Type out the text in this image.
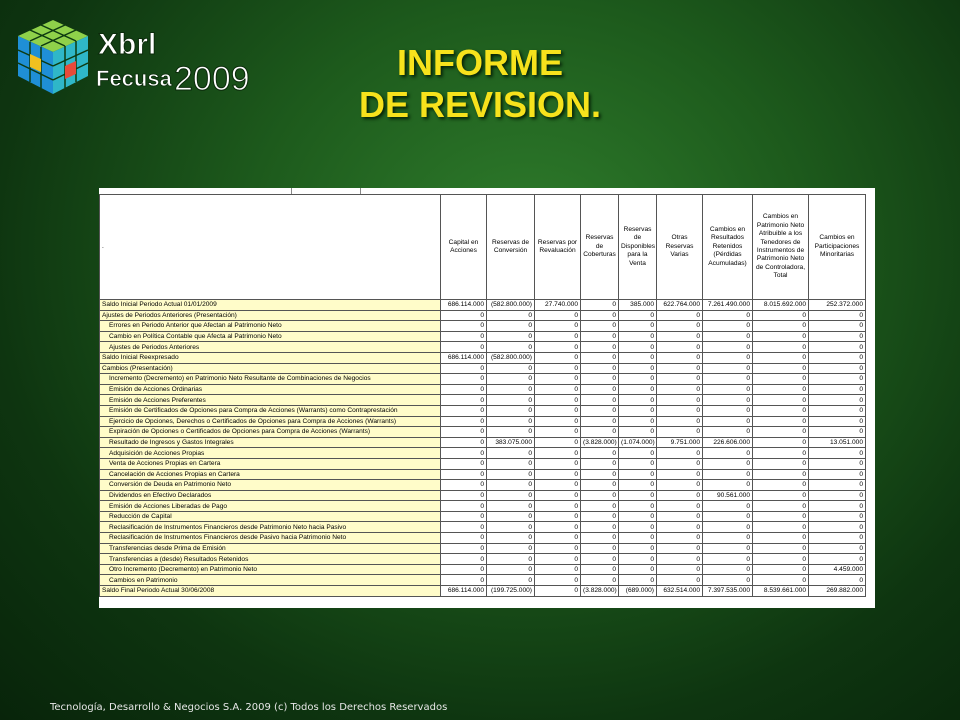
Xbrl
Fecusa 2009	INFORME
DE REVISION.
.	Capital en Acciones	Reservas de Conversión	Reservas por Revaluación	Reservas de Coberturas	Reservas de Disponibles para la Venta	Otras Reservas Varias	Cambios en Resultados Retenidos (Pérdidas Acumuladas)	Cambios en Patrimonio Neto Atribuible a los Tenedores de Instrumentos de Patrimonio Neto de Controladora, Total	Cambios en Participaciones Minoritarias
Saldo Inicial Periodo Actual 01/01/2009	686.114.000	(582.800.000)	27.740.000	0	385.000	622.764.000	7.261.490.000	8.015.692.000	252.372.000
Ajustes de Periodos Anteriores (Presentación)	0	0	0	0	0	0	0	0	0
Errores en Periodo Anterior que Afectan al Patrimonio Neto	0	0	0	0	0	0	0	0	0
Cambio en Política Contable que Afecta al Patrimonio Neto	0	0	0	0	0	0	0	0	0
Ajustes de Periodos Anteriores	0	0	0	0	0	0	0	0	0
Saldo Inicial Reexpresado	686.114.000	(582.800.000)	0	0	0	0	0	0	0
Cambios (Presentación)	0	0	0	0	0	0	0	0	0
Incremento (Decremento) en Patrimonio Neto Resultante de Combinaciones de Negocios	0	0	0	0	0	0	0	0	0
Emisión de Acciones Ordinarias	0	0	0	0	0	0	0	0	0
Emisión de Acciones Preferentes	0	0	0	0	0	0	0	0	0
Emisión de Certificados de Opciones para Compra de Acciones (Warrants) como Contraprestación	0	0	0	0	0	0	0	0	0
Ejercicio de Opciones, Derechos o Certificados de Opciones para Compra de Acciones (Warrants)	0	0	0	0	0	0	0	0	0
Expiración de Opciones o Certificados de Opciones para Compra de Acciones (Warrants)	0	0	0	0	0	0	0	0	0
Resultado de Ingresos y Gastos Integrales	0	383.075.000	0	(3.828.000)	(1.074.000)	9.751.000	226.606.000	0	13.051.000
Adquisición de Acciones Propias	0	0	0	0	0	0	0	0	0
Venta de Acciones Propias en Cartera	0	0	0	0	0	0	0	0	0
Cancelación de Acciones Propias en Cartera	0	0	0	0	0	0	0	0	0
Conversión de Deuda en Patrimonio Neto	0	0	0	0	0	0	0	0	0
Dividendos en Efectivo Declarados	0	0	0	0	0	0	90.561.000	0	0
Emisión de Acciones Liberadas de Pago	0	0	0	0	0	0	0	0	0
Reducción de Capital	0	0	0	0	0	0	0	0	0
Reclasificación de Instrumentos Financieros desde Patrimonio Neto hacia Pasivo	0	0	0	0	0	0	0	0	0
Reclasificación de Instrumentos Financieros desde Pasivo hacia Patrimonio Neto	0	0	0	0	0	0	0	0	0
Transferencias desde Prima de Emisión	0	0	0	0	0	0	0	0	0
Transferencias a (desde) Resultados Retenidos	0	0	0	0	0	0	0	0	0
Otro Incremento (Decremento) en Patrimonio Neto	0	0	0	0	0	0	0	0	4.459.000
Cambios en Patrimonio	0	0	0	0	0	0	0	0	0
Saldo Final Periodo Actual 30/06/2008	686.114.000	(199.725.000)	0	(3.828.000)	(689.000)	632.514.000	7.397.535.000	8.539.661.000	269.882.000
Tecnología, Desarrollo & Negocios S.A. 2009 (c) Todos los Derechos Reservados
